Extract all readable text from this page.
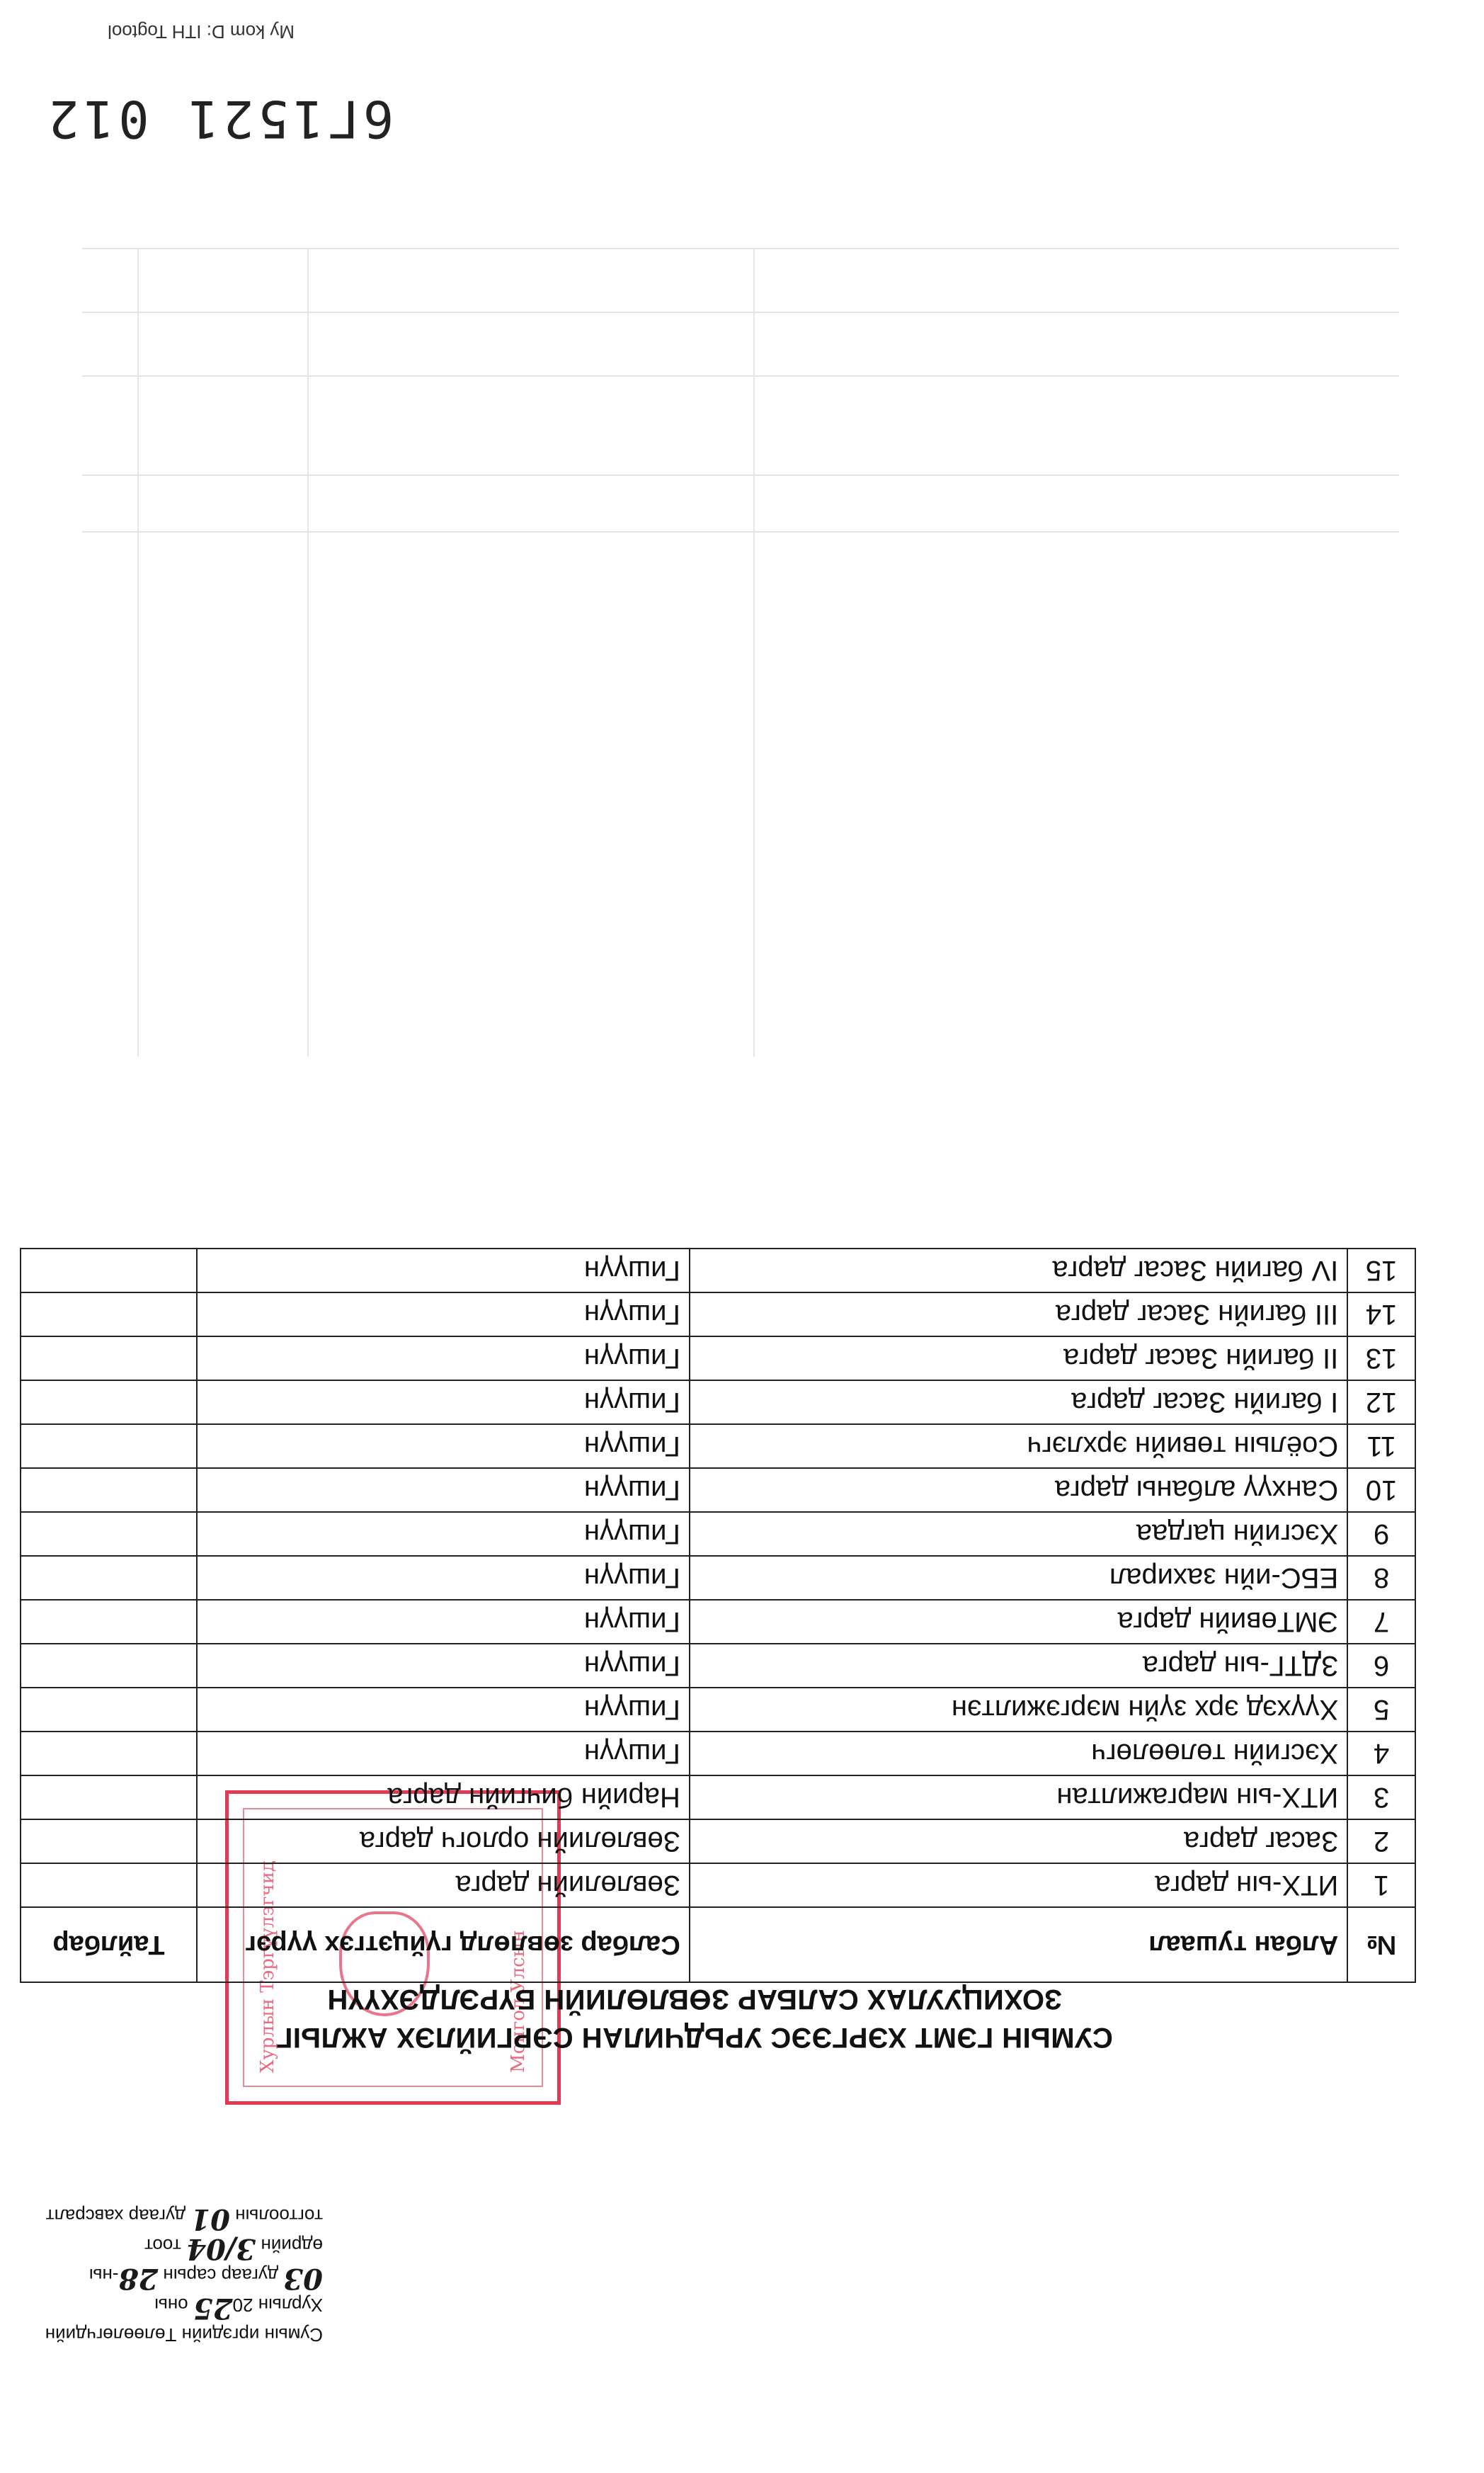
Сумын иргэдийн Төлөөлөгчдийн Хурлын 2025 оны
03 дугаар сарын 28-ны өдрийн 3/04 тоот
тогтоолын 01 дугаар хавсралт
Монгол Улсын
Хурлын Тэргүүлэгчид
СУМЫН ГЭМТ ХЭРГЭЭС УРЬДЧИЛАН СЭРГИЙЛЭХ АЖЛЫГ
ЗОХИЦУУЛАХ САЛБАР ЗӨВЛӨЛИЙН БҮРЭЛДЭХҮҮН
№	Албан тушаал	Салбар зөвлөлд гүйцэтгэх үүрэг	Тайлбар
1	ИТХ-ын дарга	Зөвлөлийн дарга	
2	Засаг дарга	Зөвлөлийн орлогч дарга	
3	ИТХ-ын маргажилтан	Нарийн бичгийн дарга	
4	Хэсгийн төлөөлөгч	Гишүүн	
5	Хүүхэд эрх зүйн мэргэжилтэн	Гишүүн	
6	ЗДТГ-ын дарга	Гишүүн	
7	ЭМТөвийн дарга	Гишүүн	
8	ЕБС-ийн захирал	Гишүүн	
9	Хэсгийн цагдаа	Гишүүн	
10	Санхүү албаны дарга	Гишүүн	
11	Соёлын төвийн эрхлэгч	Гишүүн	
12	I багийн Засаг дарга	Гишүүн	
13	II багийн Засаг дарга	Гишүүн	
14	III багийн Засаг дарга	Гишүүн	
15	IV багийн Засаг дарга	Гишүүн	
6Г1521 012
My kom D: ITH Togtool
